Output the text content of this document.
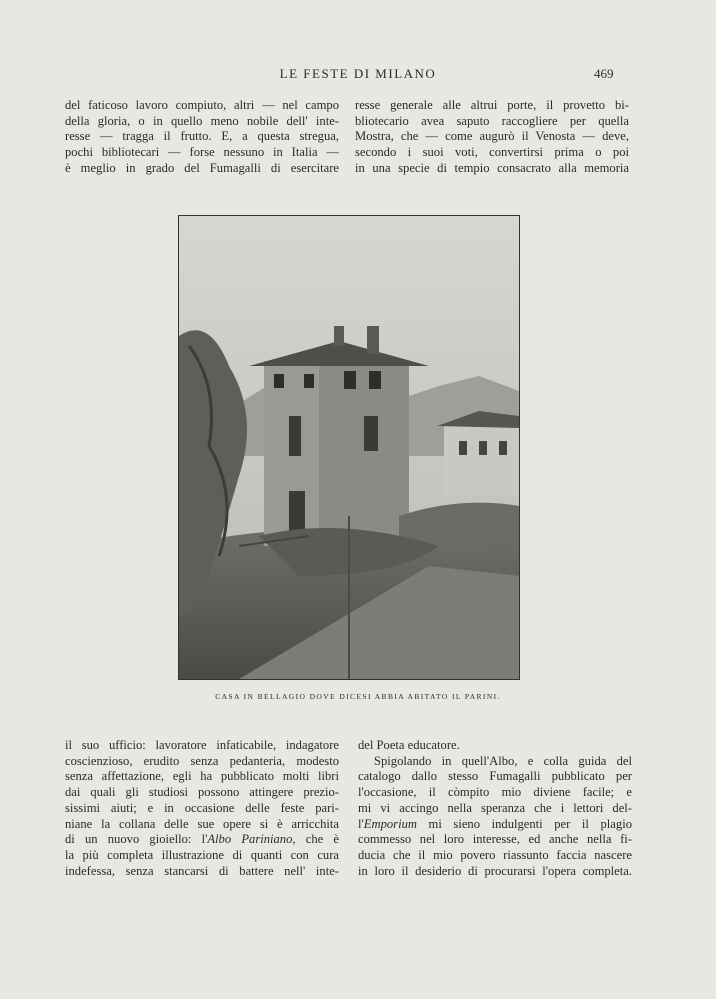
LE FESTE DI MILANO	469
del faticoso lavoro compiuto, altri — nel campo
della gloria, o in quello meno nobile dell' inte-
resse — tragga il frutto. E, a questa stregua,
pochi bibliotecari — forse nessuno in Italia —
è meglio in grado del Fumagalli di esercitare
resse generale alle altrui porte, il provetto bi-
bliotecario avea saputo raccogliere per quella
Mostra, che — come augurò il Venosta — deve,
secondo i suoi voti, convertirsi prima o poi
in una specie di tempio consacrato alla memoria
CASA IN BELLAGIO DOVE DICESI ABBIA ABITATO IL PARINI.
il suo ufficio: lavoratore infaticabile, indagatore
coscienzioso, erudito senza pedanteria, modesto
senza affettazione, egli ha pubblicato molti libri
dai quali gli studiosi possono attingere prezio-
sissimi aiuti; e in occasione delle feste pari-
niane la collana delle sue opere si è arricchita
di un nuovo gioiello: l'Albo Pariniano, che è
la più completa illustrazione di quanti con cura
indefessa, senza stancarsi di battere nell' inte-
del Poeta educatore.
Spigolando in quell'Albo, e colla guida del
catalogo dallo stesso Fumagalli pubblicato per
l'occasione, il còmpito mio diviene facile; e
mi vi accingo nella speranza che i lettori del-
l'Emporium mi sieno indulgenti per il plagio
commesso nel loro interesse, ed anche nella fi-
ducia che il mio povero riassunto faccia nascere
in loro il desiderio di procurarsi l'opera completa.
